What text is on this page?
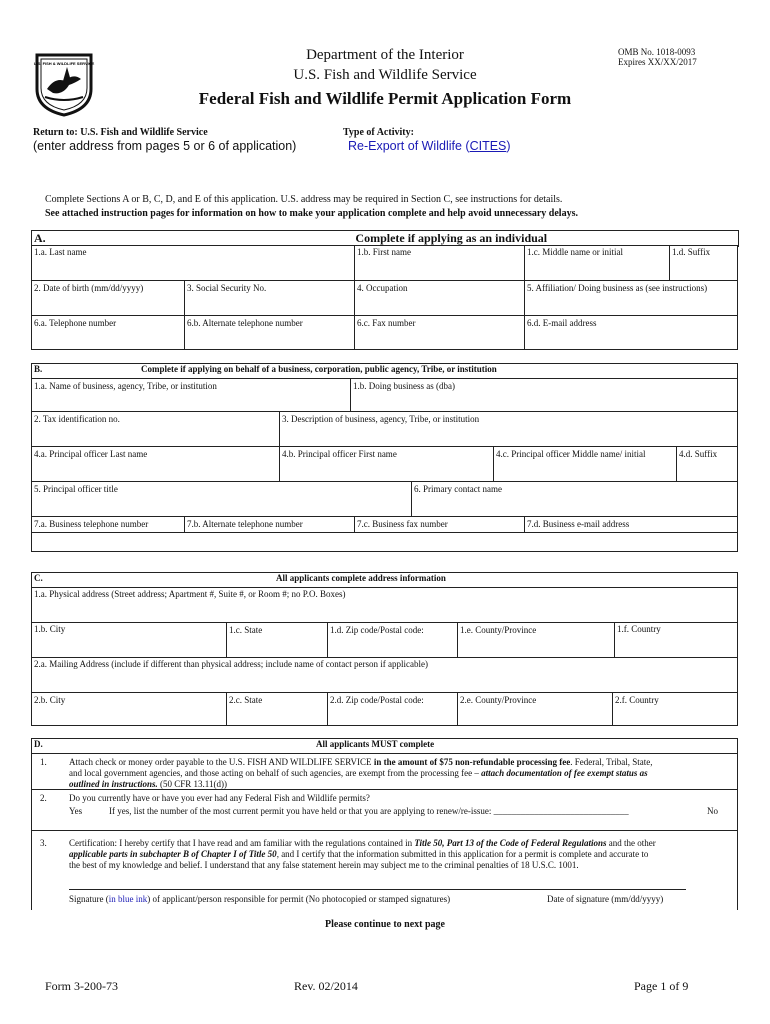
U.S. FISH & WILDLIFE SERVICE
Department of the Interior
U.S. Fish and Wildlife Service
OMB No. 1018-0093
Expires XX/XX/2017
Federal Fish and Wildlife Permit Application Form
Return to: U.S. Fish and Wildlife Service
(enter address from pages 5 or 6 of application)
Type of Activity:
Re-Export of Wildlife (CITES)
Complete Sections A or B, C, D, and E of this application. U.S. address may be required in Section C, see instructions for details.
See attached instruction pages for information on how to make your application complete and help avoid unnecessary delays.
A.	Complete if applying as an individual
1.a. Last name	1.b. First name	1.c. Middle name or initial	1.d. Suffix
2. Date of birth (mm/dd/yyyy)	3. Social Security No.	4. Occupation	5. Affiliation/ Doing business as (see instructions)
6.a. Telephone number	6.b. Alternate telephone number	6.c. Fax number	6.d. E-mail address
B.	Complete if applying on behalf of a business, corporation, public agency, Tribe, or institution
1.a. Name of business, agency, Tribe, or institution	1.b. Doing business as (dba)
2. Tax identification no.	3. Description of business, agency, Tribe, or institution
4.a. Principal officer Last name	4.b. Principal officer First name	4.c. Principal officer Middle name/ initial	4.d. Suffix
5. Principal officer title	6. Primary contact name
7.a. Business telephone number	7.b. Alternate telephone number	7.c. Business fax number	7.d. Business e-mail address
C.	All applicants complete address information
1.a. Physical address (Street address; Apartment #, Suite #, or Room #; no P.O. Boxes)
1.b. City	1.c. State	1.d. Zip code/Postal code:	1.e. County/Province	1.f. Country
2.a. Mailing Address (include if different than physical address; include name of contact person if applicable)
2.b. City	2.c. State	2.d. Zip code/Postal code:	2.e. County/Province	2.f. Country
D.	All applicants MUST complete
1. Attach check or money order payable to the U.S. FISH AND WILDLIFE SERVICE in the amount of $75 non-refundable processing fee. Federal, Tribal, State,
and local government agencies, and those acting on behalf of such agencies, are exempt from the processing fee – attach documentation of fee exempt status as
outlined in instructions. (50 CFR 13.11(d))
2. Do you currently have or have you ever had any Federal Fish and Wildlife permits?
Yes	If yes, list the number of the most current permit you have held or that you are applying to renew/re-issue: ______________________________	No
3. Certification: I hereby certify that I have read and am familiar with the regulations contained in Title 50, Part 13 of the Code of Federal Regulations and the other
applicable parts in subchapter B of Chapter I of Title 50, and I certify that the information submitted in this application for a permit is complete and accurate to
the best of my knowledge and belief. I understand that any false statement herein may subject me to the criminal penalties of 18 U.S.C. 1001.
Signature (in blue ink) of applicant/person responsible for permit (No photocopied or stamped signatures)	Date of signature (mm/dd/yyyy)
Please continue to next page
Form 3-200-73	Rev. 02/2014	Page 1 of 9
